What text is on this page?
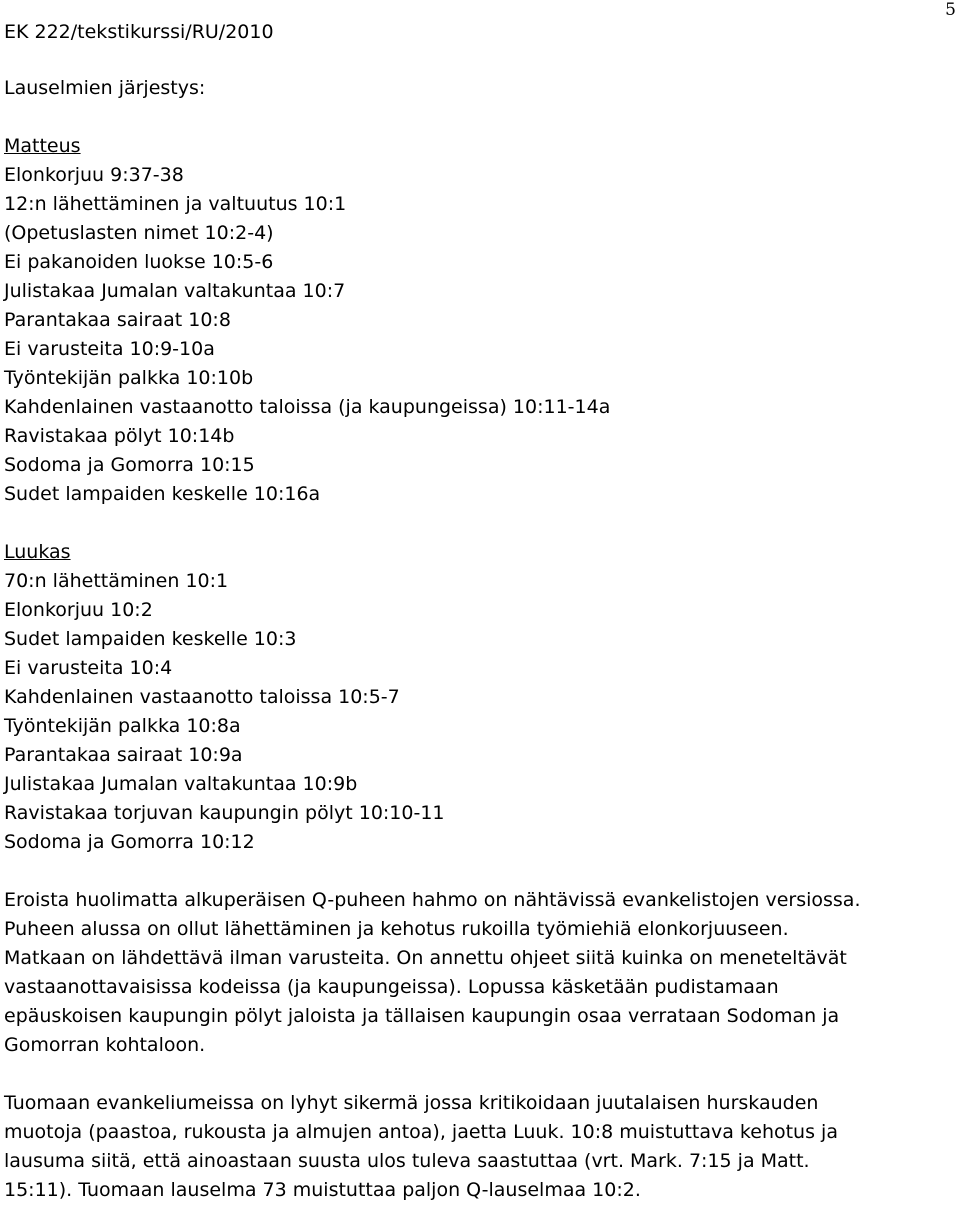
EK 222/tekstikurssi/RU/2010
5
Lauselmien järjestys:
Matteus
Elonkorjuu 9:37-38
12:n lähettäminen ja valtuutus 10:1
(Opetuslasten nimet 10:2-4)
Ei pakanoiden luokse 10:5-6
Julistakaa Jumalan valtakuntaa 10:7
Parantakaa sairaat 10:8
Ei varusteita 10:9-10a
Työntekijän palkka 10:10b
Kahdenlainen vastaanotto taloissa (ja kaupungeissa) 10:11-14a
Ravistakaa pölyt 10:14b
Sodoma ja Gomorra 10:15
Sudet lampaiden keskelle 10:16a
Luukas
70:n lähettäminen 10:1
Elonkorjuu 10:2
Sudet lampaiden keskelle 10:3
Ei varusteita 10:4
Kahdenlainen vastaanotto taloissa 10:5-7
Työntekijän palkka 10:8a
Parantakaa sairaat 10:9a
Julistakaa Jumalan valtakuntaa 10:9b
Ravistakaa torjuvan kaupungin pölyt 10:10-11
Sodoma ja Gomorra 10:12
Eroista huolimatta alkuperäisen Q-puheen hahmo on nähtävissä evankelistojen versiossa.
Puheen alussa on ollut lähettäminen ja kehotus rukoilla työmiehiä elonkorjuuseen.
Matkaan on lähdettävä ilman varusteita. On annettu ohjeet siitä kuinka on meneteltävät
vastaanottavaisissa kodeissa (ja kaupungeissa). Lopussa käsketään pudistamaan
epäuskoisen kaupungin pölyt jaloista ja tällaisen kaupungin osaa verrataan Sodoman ja
Gomorran kohtaloon.
Tuomaan evankeliumeissa on lyhyt sikermä jossa kritikoidaan juutalaisen hurskauden
muotoja (paastoa, rukousta ja almujen antoa), jaetta Luuk. 10:8 muistuttava kehotus ja
lausuma siitä, että ainoastaan suusta ulos tuleva saastuttaa (vrt. Mark. 7:15 ja Matt.
15:11). Tuomaan lauselma 73 muistuttaa paljon Q-lauselmaa 10:2.
